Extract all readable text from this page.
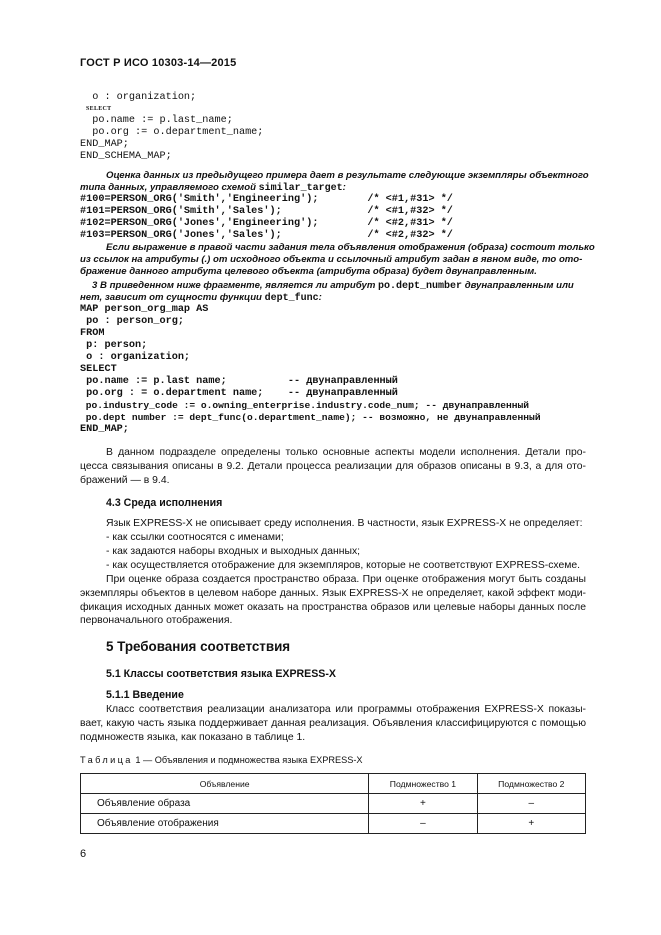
ГОСТ Р ИСО 10303-14—2015
o : organization;
SELECT
po.name := p.last_name;
po.org := o.department_name;
END_MAP;
END_SCHEMA_MAP;
Оценка данных из предыдущего примера дает в результате следующие экземпляры объектного
типа данных, управляемого схемой similar_target:
#100=PERSON_ORG('Smith','Engineering');        /* <#1,#31> */
#101=PERSON_ORG('Smith','Sales');              /* <#1,#32> */
#102=PERSON_ORG('Jones','Engineering');        /* <#2,#31> */
#103=PERSON_ORG('Jones','Sales');              /* <#2,#32> */
Если выражение в правой части задания тела объявления отображения (образа) состоит только
из ссылок на атрибуты (.) от исходного объекта и ссылочный атрибут задан в явном виде, то ото-
бражение данного атрибута целевого объекта (атрибута образа) будет двунаправленным.
3 В приведенном ниже фрагменте, является ли атрибут po.dept_number двунаправленным или
нет, зависит от сущности функции dept_func:
MAP person_org_map AS
po : person_org;
FROM
p: person;
o : organization;
SELECT
po.name := p.last name;          -- двунаправленный
po.org : = o.department name;    -- двунаправленный
po.industry_code := o.owning_enterprise.industry.code_num; -- двунаправленный
po.dept number := dept_func(o.department_name); -- возможно, не двунаправленный
END_MAP;
В данном подразделе определены только основные аспекты модели исполнения. Детали про- цесса связывания описаны в 9.2. Детали процесса реализации для образов описаны в 9.3, а для ото- бражений — в 9.4.
4.3 Среда исполнения
Язык EXPRESS-X не описывает среду исполнения. В частности, язык EXPRESS-X не определяет:
- как ссылки соотносятся с именами;
- как задаются наборы входных и выходных данных;
- как осуществляется отображение для экземпляров, которые не соответствуют EXPRESS-схеме.
При оценке образа создается пространство образа. При оценке отображения могут быть созданы экземпляры объектов в целевом наборе данных. Язык EXPRESS-X не определяет, какой эффект моди- фикация исходных данных может оказать на пространства образов или целевые наборы данных после первоначального отображения.
5 Требования соответствия
5.1 Классы соответствия языка EXPRESS-X
5.1.1 Введение
Класс соответствия реализации анализатора или программы отображения EXPRESS-X показы- вает, какую часть языка поддерживает данная реализация. Объявления классифицируются с помощью подмножеств языка, как показано в таблице 1.
Таблица 1 — Объявления и подмножества языка EXPRESS-X
Объявление	Подмножество 1	Подмножество 2
Объявление образа	+	–
Объявление отображения	–	+
6
